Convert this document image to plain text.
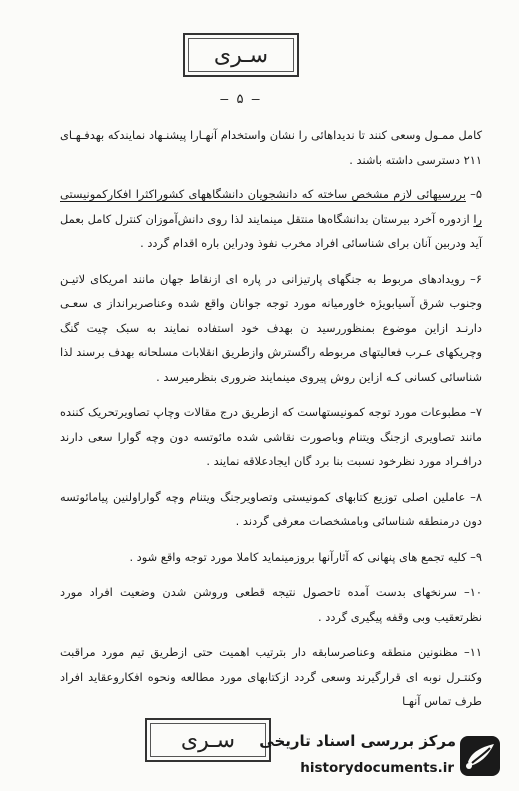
سـری
– ۵ –

کامل ممـول وسعی کنند تا ندیداهائی را نشان واستخدام آنهـارا پیشنـهاد نمایندکه بهدفـهـای ۲۱۱ دسترسی داشته باشند .

۵– بررسیهائی لازم مشخص ساخته که دانشجویان دانشگاههای کشوراکثرا افکارکمونیستی را ازدوره آخرد بیرستان بدانشگاه‌ها منتقل مینمایند لذا روی دانش‌آموزان کنترل کامل بعمل آید ودربین آنان برای شناسائی افراد مخرب نفوذ ودراین باره اقدام گردد .

۶– رویدادهای مربوط به جنگهای پارتیزانی در پاره ای ازنقاط جهان مانند امریکای لاتیـن وجنوب شرق آسیابویژه خاورمیانه مورد توجه جوانان واقع شده وعناصربرانداز ی سعـی دارنـد ازاین موضوع بمنظوررسید ن بهدف خود استفاده نمایند به سبک چیت گنگ وچریکهای عـرب فعالیتهای مربوطه راگسترش وازطریق انقلابات مسلحانه بهدف برسند لذا شناسائی کسانی کـه ازاین روش پیروی مینمایند ضروری بنظرمیرسد .

۷– مطبوعات مورد توجه کمونیستهاست که ازطریق درج مقالات وچاپ تصاویرتحریک کننده مانند تصاویری ازجنگ ویتنام وباصورت نقاشی شده مائوتسه دون وچه گوارا سعی دارند درافـراد مورد نظرخود نسبت بنا برد گان ایجادعلاقه نمایند .

۸– عاملین اصلی توزیع کتابهای کمونیستی وتصاویرجنگ ویتنام وچه گواراولنین پیامائوتسه دون درمنطقه شناسائی وبامشخصات معرفی گردند .

۹– کلیه تجمع های پنهانی که آثارآنها بروزمینماید کاملا مورد توجه واقع شود .

۱۰– سرنخهای بدست آمده تاحصول نتیجه قطعی وروشن شدن وضعیت افراد مورد نظرتعقیب وبی وقفه پیگیری گردد .

۱۱– مظنونین منطقه وعناصرسابقه دار بترتیب اهمیت حتی ازطریق تیم مورد مراقبت وکنتـرل نوبه ای قرارگیرند وسعی گردد ازکتابهای مورد مطالعه ونحوه افکاروعقاید افراد طرف تماس آنهـا

سـری مرکز بررسی اسناد تاریخی
historydocuments.ir
